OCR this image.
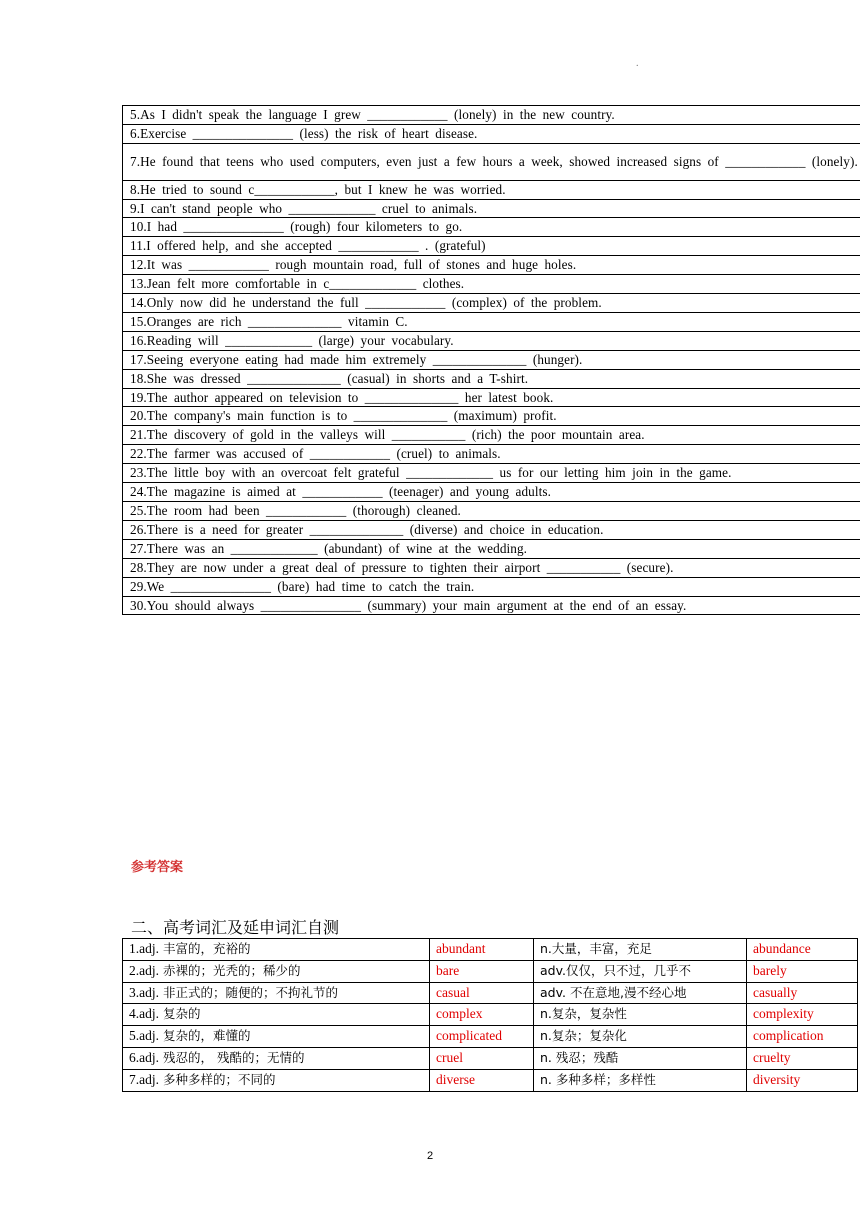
.
5.As I didn't speak the language I grew ____________ (lonely) in the new country.
6.Exercise _______________ (less) the risk of heart disease.
7.He found that teens who used computers, even just a few hours a week, showed increased signs of ____________ (lonely).
8.He tried to sound c____________, but I knew he was worried.
9.I can't stand people who _____________ cruel to animals.
10.I had _______________ (rough) four kilometers to go.
11.I offered help, and she accepted ____________ . (grateful)
12.It was ____________ rough mountain road, full of stones and huge holes.
13.Jean felt more comfortable in c_____________ clothes.
14.Only now did he understand the full ____________ (complex) of the problem.
15.Oranges are rich ______________ vitamin C.
16.Reading will _____________ (large) your vocabulary.
17.Seeing everyone eating had made him extremely ______________ (hunger).
18.She was dressed ______________ (casual) in shorts and a T-shirt.
19.The author appeared on television to ______________ her latest book.
20.The company's main function is to ______________ (maximum) profit.
21.The discovery of gold in the valleys will ___________ (rich) the poor mountain area.
22.The farmer was accused of ____________ (cruel) to animals.
23.The little boy with an overcoat felt grateful _____________ us for our letting him join in the game.
24.The magazine is aimed at ____________ (teenager) and young adults.
25.The room had been ____________ (thorough) cleaned.
26.There is a need for greater ______________ (diverse) and choice in education.
27.There was an _____________ (abundant) of wine at the wedding.
28.They are now under a great deal of pressure to tighten their airport ___________ (secure).
29.We _______________ (bare) had time to catch the train.
30.You should always _______________ (summary) your main argument at the end of an essay.
参考答案
二、高考词汇及延申词汇自测
1.adj. 丰富的，充裕的	abundant	n.大量，丰富，充足	abundance
2.adj. 赤裸的；光秃的；稀少的	bare	adv.仅仅，只不过，几乎不	barely
3.adj. 非正式的；随便的；不拘礼节的	casual	adv. 不在意地,漫不经心地	casually
4.adj. 复杂的	complex	n.复杂，复杂性	complexity
5.adj. 复杂的，难懂的	complicated	n.复杂；复杂化	complication
6.adj. 残忍的， 残酷的；无情的	cruel	n. 残忍；残酷	cruelty
7.adj. 多种多样的；不同的	diverse	n. 多种多样；多样性	diversity
2
